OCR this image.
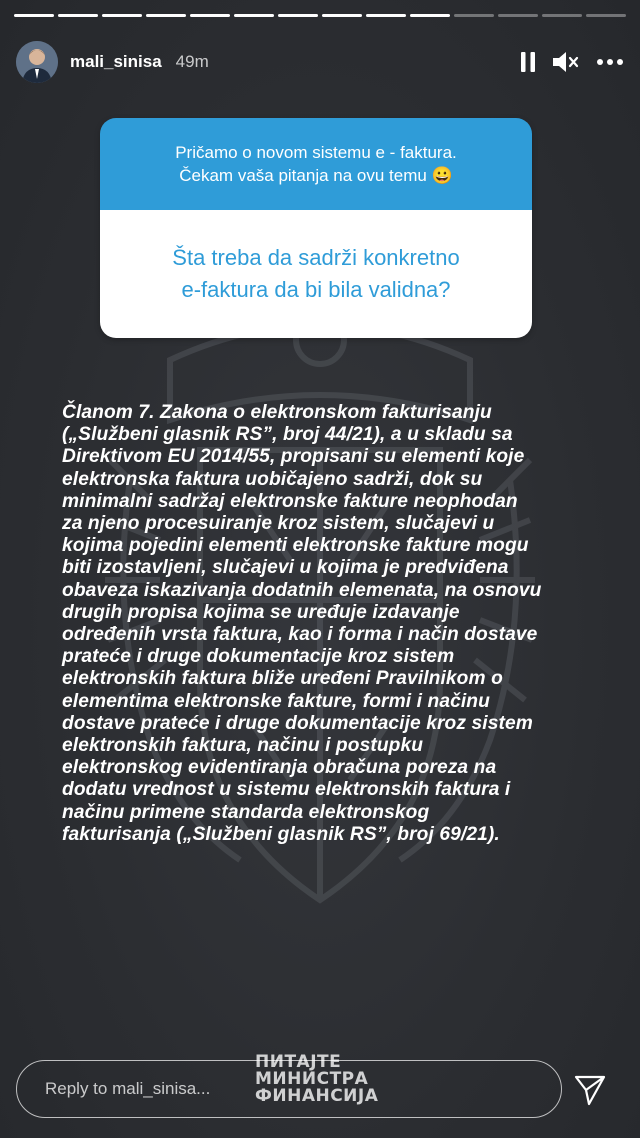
mali_sinisa 49m
Pričamo o novom sistemu e - faktura.
Čekam vaša pitanja na ovu temu 😀
Šta treba da sadrži konkretno
e-faktura da bi bila validna?
Članom 7. Zakona o elektronskom fakturisanju
(„Službeni glasnik RS”, broj 44/21), a u skladu sa
Direktivom EU 2014/55, propisani su elementi koje
elektronska faktura uobičajeno sadrži, dok su
minimalni sadržaj elektronske fakture neophodan
za njeno procesuiranje kroz sistem, slučajevi u
kojima pojedini elementi elektronske fakture mogu
biti izostavljeni, slučajevi u kojima je predviđena
obaveza iskazivanja dodatnih elemenata, na osnovu
drugih propisa kojima se uređuje izdavanje
određenih vrsta faktura, kao i forma i način dostave
prateće i druge dokumentacije kroz sistem
elektronskih faktura bliže uređeni Pravilnikom o
elementima elektronske fakture, formi i načinu
dostave prateće i druge dokumentacije kroz sistem
elektronskih faktura, načinu i postupku
elektronskog evidentiranja obračuna poreza na
dodatu vrednost u sistemu elektronskih faktura i
načinu primene standarda elektronskog
fakturisanja („Službeni glasnik RS”, broj 69/21).
Reply to mali_sinisa...
ПИТАЈТЕ
МИНИСТРА
ФИНАНСИЈА
